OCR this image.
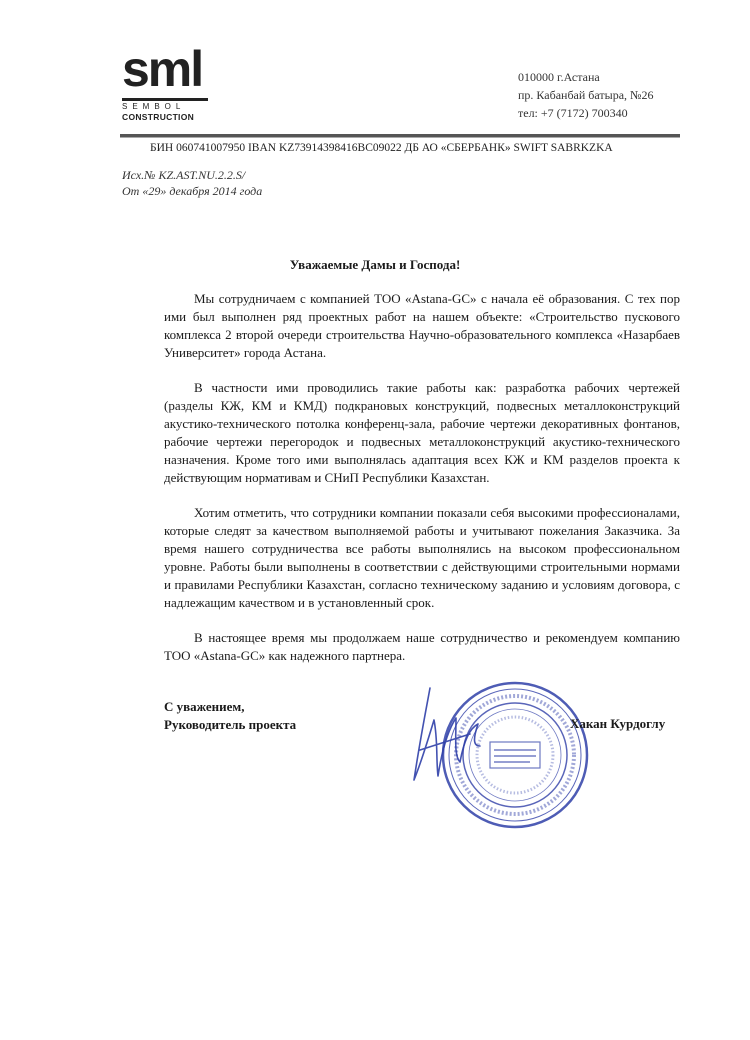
sml
SEMBOL
CONSTRUCTION
010000 г.Астана
пр. Кабанбай батыра, №26
тел: +7 (7172) 700340
БИН 060741007950 IBAN KZ73914398416BC09022 ДБ АО «СБЕРБАНК» SWIFT SABRKZKA
Исх.№ KZ.AST.NU.2.2.S/
От «29» декабря 2014 года
Уважаемые Дамы и Господа!

Мы сотрудничаем с компанией ТОО «Astana-GC» с начала её образования. С тех пор ими был выполнен ряд проектных работ на нашем объекте: «Строительство пускового комплекса 2 второй очереди строительства Научно-образовательного комплекса «Назарбаев Университет» города Астана.

В частности ими проводились такие работы как: разработка рабочих чертежей (разделы КЖ, КМ и КМД) подкрановых конструкций, подвесных металлоконструкций акустико-технического потолка конференц-зала, рабочие чертежи декоративных фонтанов, рабочие чертежи перегородок и подвесных металлоконструкций акустико-технического назначения. Кроме того ими выполнялась адаптация всех КЖ и КМ разделов проекта к действующим нормативам и СНиП Республики Казахстан.

Хотим отметить, что сотрудники компании показали себя высокими профессионалами, которые следят за качеством выполняемой работы и учитывают пожелания Заказчика. За время нашего сотрудничества все работы выполнялись на высоком профессиональном уровне. Работы были выполнены в соответствии с действующими строительными нормами и правилами Республики Казахстан, согласно техническому заданию и условиям договора, с надлежащим качеством и в установленный срок.

В настоящее время мы продолжаем наше сотрудничество и рекомендуем компанию ТОО «Astana-GC» как надежного партнера.

С уважением,
Руководитель проекта	Хакан Курдоглу
